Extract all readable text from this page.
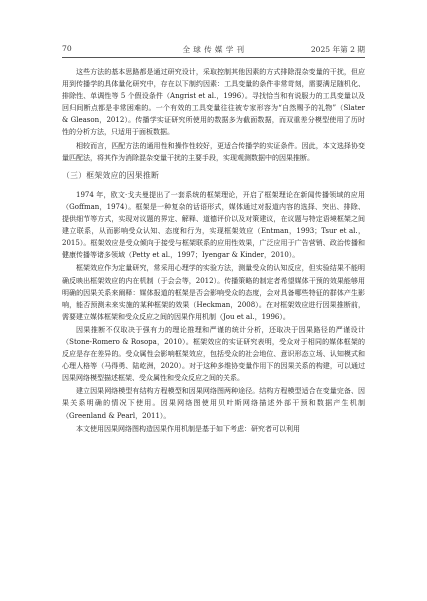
70	全 球 传 媒 学 刊	2025 年第 2 期

这些方法的基本思路都是通过研究设计，采取控制其他因素的方式排除混杂变量的干扰，但应用到传播学的具体量化研究中，存在以下制约因素：工具变量的条件非常苛刻，需要满足随机化、排除性、单调性等 5 个假设条件（Angrist et al.，1996）。寻找恰当和有说服力的工具变量以及回归间断点都是非常困难的。一个有效的工具变量往往被专家形容为“自然赐予的礼物”（Slater & Gleason，2012）。传播学实证研究所使用的数据多为截面数据，而双重差分模型使用了历时性的分析方法，只适用于面板数据。

相较而言，匹配方法的通用性和操作性较好，更适合传播学的实证条件。因此，本文选择协变量匹配法，将其作为消除混杂变量干扰的主要手段，实现观测数据中的因果推断。

（三）框架效应的因果推断

1974 年，欧文·戈夫曼提出了一套系统的框架理论，开启了框架理论在新闻传播领域的应用（Goffman，1974）。框架是一种复杂的话语形式，媒体通过对报道内容的选择、突出、排除、提供细节等方式，实现对议题的界定、解释、道德评价以及对策建议，在议题与特定语境框架之间建立联系，从而影响受众认知、态度和行为，实现框架效应（Entman，1993；Tsur et al.，2015）。框架效应是受众倾向于接受与框架联系的应用性效果，广泛应用于广告营销、政治传播和健康传播等诸多领域（Petty et al.，1997；Iyengar & Kinder，2010）。

框架效应作为定量研究，常采用心理学的实验方法，测量受众的认知反应，但实验结果不能明确反映出框架效应的内在机制（于会会等，2012）。传播策略的制定者希望媒体干预的效果能够用明确的因果关系来阐释：媒体报道的框架是否会影响受众的态度，会对具备哪些特征的群体产生影响，能否预测未来实施的某种框架的效果（Heckman，2008）。在对框架效应进行因果推断前，需要建立媒体框架和受众反应之间的因果作用机制（Jou et al.，1996）。

因果推断不仅取决于强有力的理论推理和严谨的统计分析，还取决于因果路径的严谨设计（Stone-Romero & Rosopa，2010）。框架效应的实证研究表明，受众对于相同的媒体框架的反应是存在差异的。受众属性会影响框架效应，包括受众的社会地位、意识形态立场、认知模式和心理人格等（马得勇、陆屹洲，2020）。对于这种多维协变量作用下的因果关系的构建，可以通过因果网络模型描述框架、受众属性和受众反应之间的关系。

建立因果网络模型有结构方程模型和因果网络图两种途径。结构方程模型适合在变量完备、因果关系明确的情况下使用。因果网络图使用贝叶斯网络描述外部干预和数据产生机制（Greenland & Pearl，2011）。

本文使用因果网络图构造因果作用机制是基于如下考虑：研究者可以利用
